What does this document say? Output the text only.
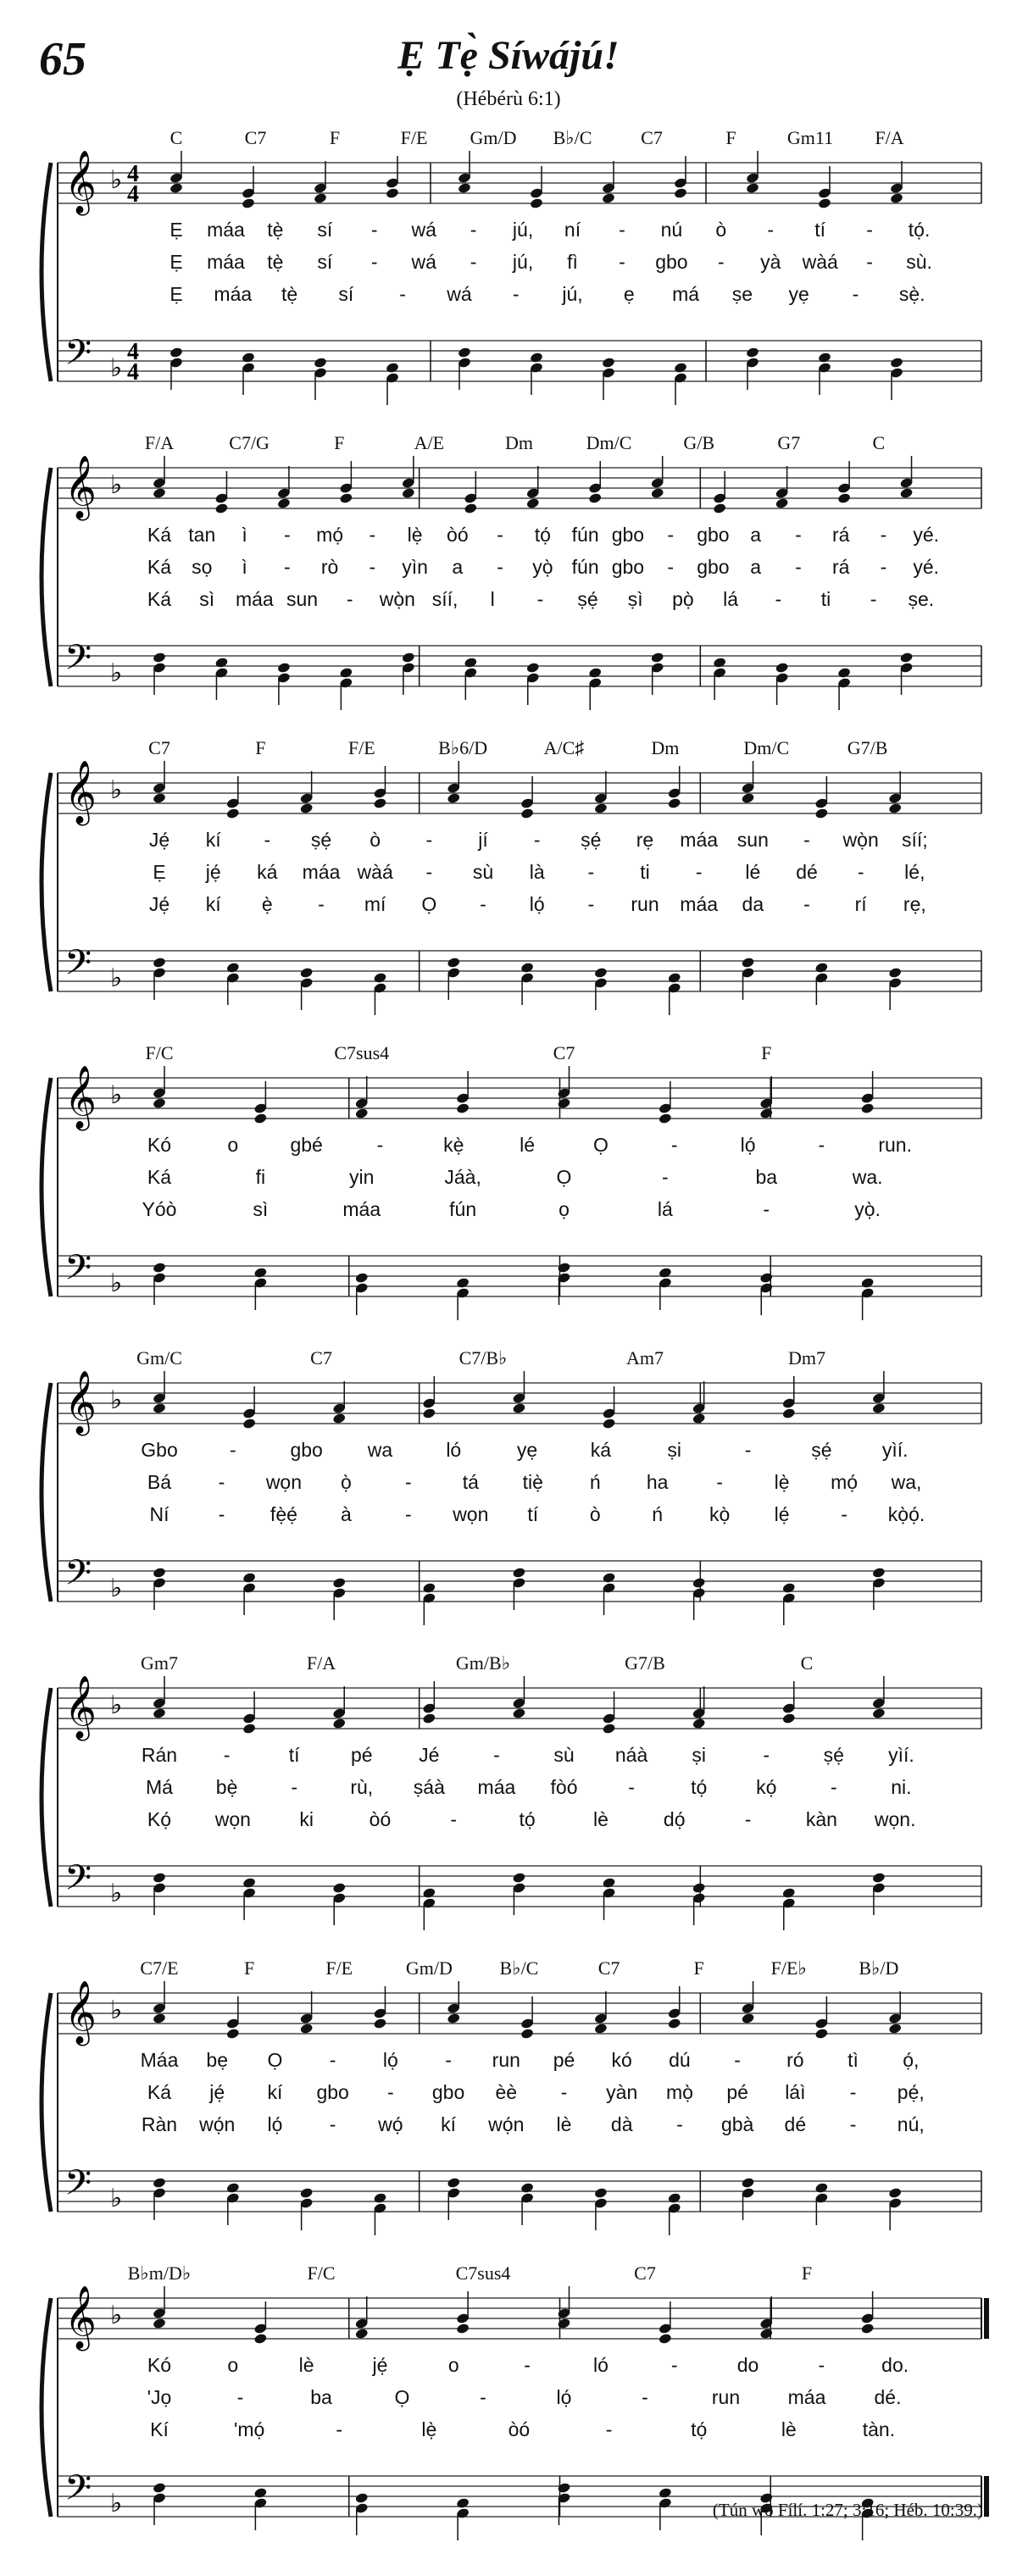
65	Ẹ Tẹ̀ Síwájú!
(Hébérù 6:1)
𝄞
𝄢
♭
♭
4
4
4
4
C	C7	F	F/E Gm/D B♭/C	C7	F	Gm11 F/A
Ẹ máa tẹ̀ sí - wá - jú, ní - nú ò - tí - tọ́.
Ẹ máa tẹ̀ sí - wá - jú, fì - gbo - yà wàá - sù.
Ẹ máa tẹ̀ sí - wá - jú, ẹ má ṣe yẹ - sẹ̀.
𝄞
𝄢
♭
♭
F/A	C7/G	F	A/E	Dm	Dm/C	G/B	G7	C
Ká tan ì - mọ́ - lẹ̀ òó - tọ́ fún gbo - gbo a - rá - yé.
Ká sọ ì - rò - yìn a - yọ̀ fún gbo - gbo a - rá - yé.
Ká sì máa sun - wọ̀n síí, l - ṣẹ́ ṣì pọ̀ lá - ti - ṣe.
𝄞
𝄢
♭
♭
C7	F	F/E	B♭6/D	A/C♯	Dm	Dm/C	G7/B
Jẹ́ kí - ṣẹ́ ò - jí - ṣẹ́ rẹ máa sun - wọ̀n síí;
Ẹ jẹ́ ká máa wàá - sù là - ti - lé dé - lé,
Jẹ́ kí ẹ̀ - mí Ọ - lọ́ - run máa da - rí rẹ,
𝄞
𝄢
♭
♭
F/C	C7sus4	C7	F
Kó	o	gbé	-	kẹ̀	lé	Ọ	-	lọ́	-	run.
Ká	fi	yin	Jáà,	Ọ	-	ba	wa.
Yóò	sì	máa	fún	ọ	lá	-	yọ̀.
𝄞
𝄢
♭
♭
Gm/C	C7	C7/B♭	Am7	Dm7
Gbo	-	gbo wa	ló	yẹ	ká	ṣi	-	ṣẹ́	yìí.
Bá - wọn ọ̀	-	tá tiẹ̀ ń ha -	lẹ̀ mọ́ wa,
Ní	- fẹ̀ẹ́ à	- wọn tí	ò	ń kọ̀ lẹ́	- kọ̀ọ́.
𝄞
𝄢
♭
♭
Gm7	F/A	Gm/B♭	G7/B	C
Rán -	tí	pé Jé	-	sù náà ṣi	-	ṣẹ́ yìí.
Má bẹ̀	-	rù, ṣáà máa fòó	-	tọ́	kọ́	-	ni.
Kọ́ wọn ki	òó	-	tọ́	lè	dọ́	-	kàn wọn.
𝄞
𝄢
♭
♭
C7/E	F	F/E	Gm/D	B♭/C	C7	F	F/E♭	B♭/D
Máa bẹ Ọ - lọ́ - run pé kó dú - ró tì ọ́,
Ká jẹ́ kí gbo - gbo èè - yàn mọ̀ pé láì - pẹ́,
Ràn wọ́n lọ́ - wọ́ kí wọ́n lè dà - gbà dé - nú,
𝄞
𝄢
♭
♭
B♭m/D♭	F/C	C7sus4	C7	F
Kó	o	lè	jẹ́	o	-	ló	-	do	-	do.
'Jọ	-	ba	Ọ	-	lọ́	-	run máa dé.
Kí	'mọ́	-	lẹ̀	òó	-	tọ́	lè	tàn.
(Tún wo Fílí. 1:27; 3:16; Héb. 10:39.)
